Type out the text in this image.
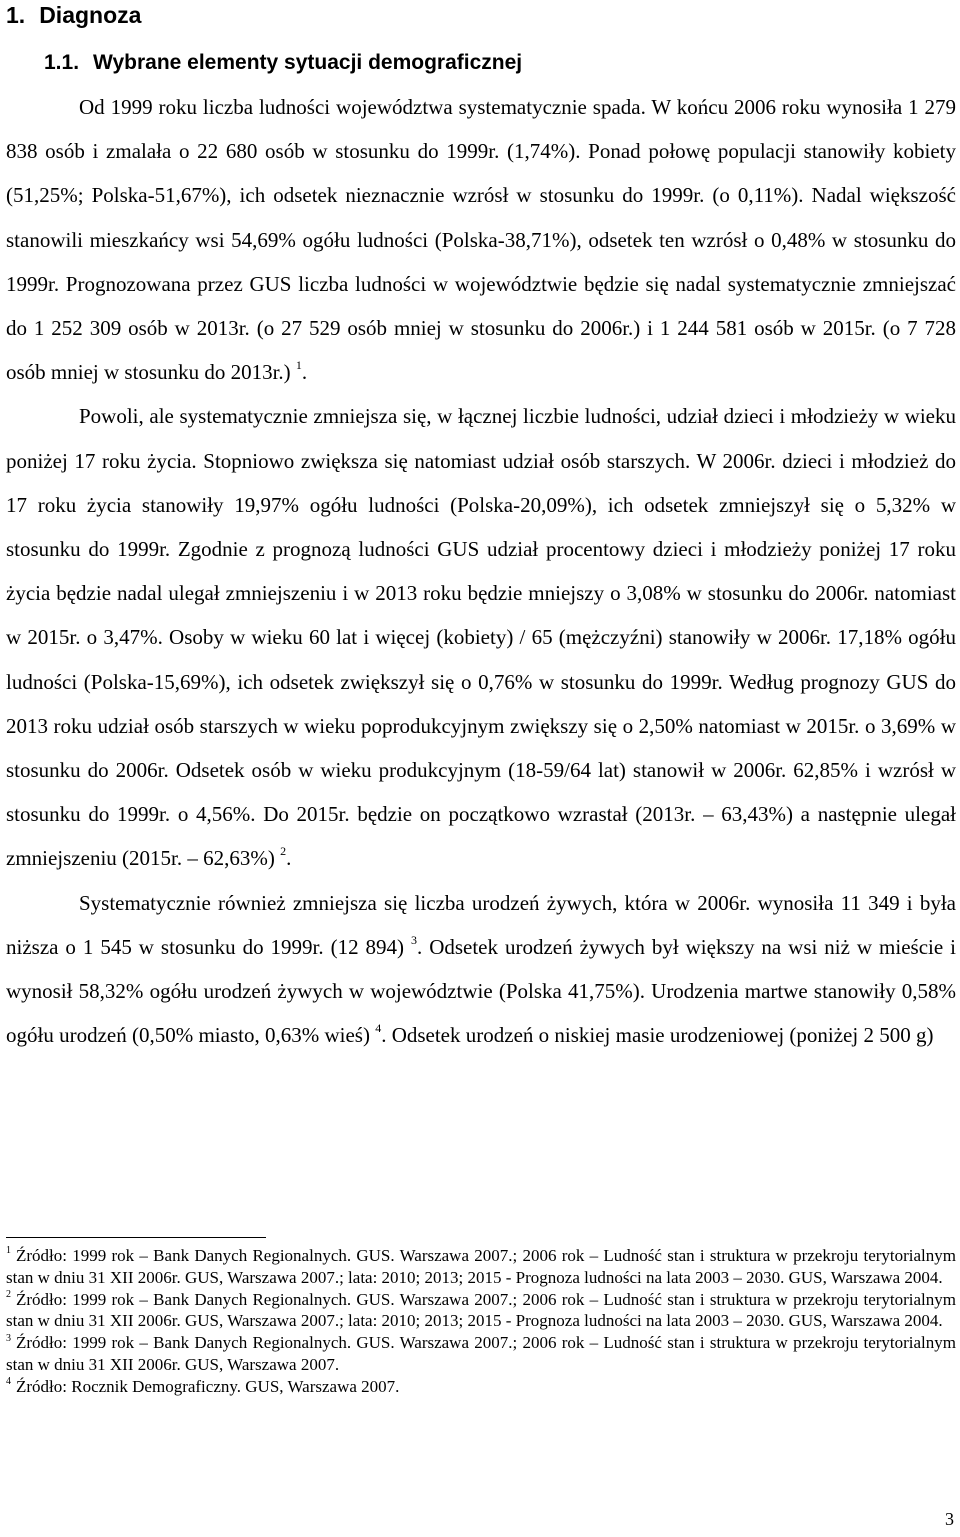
1. Diagnoza
1.1. Wybrane elementy sytuacji demograficznej

Od 1999 roku liczba ludności województwa systematycznie spada. W końcu 2006 roku wynosiła 1 279 838 osób i zmalała o 22 680 osób w stosunku do 1999r. (1,74%). Ponad połowę populacji stanowiły kobiety (51,25%; Polska-51,67%), ich odsetek nieznacznie wzrósł w stosunku do 1999r. (o 0,11%). Nadal większość stanowili mieszkańcy wsi 54,69% ogółu ludności (Polska-38,71%), odsetek ten wzrósł o 0,48% w stosunku do 1999r. Prognozowana przez GUS liczba ludności w województwie będzie się nadal systematycznie zmniejszać do 1 252 309 osób w 2013r. (o 27 529 osób mniej w stosunku do 2006r.) i 1 244 581 osób w 2015r. (o 7 728 osób mniej w stosunku do 2013r.) $^1$.

Powoli, ale systematycznie zmniejsza się, w łącznej liczbie ludności, udział dzieci i młodzieży w wieku poniżej 17 roku życia. Stopniowo zwiększa się natomiast udział osób starszych. W 2006r. dzieci i młodzież do 17 roku życia stanowiły 19,97% ogółu ludności (Polska-20,09%), ich odsetek zmniejszył się o 5,32% w stosunku do 1999r. Zgodnie z prognozą ludności GUS udział procentowy dzieci i młodzieży poniżej 17 roku życia będzie nadal ulegał zmniejszeniu i w 2013 roku będzie mniejszy o 3,08% w stosunku do 2006r. natomiast w 2015r. o 3,47%. Osoby w wieku 60 lat i więcej (kobiety) / 65 (mężczyźni) stanowiły w 2006r. 17,18% ogółu ludności (Polska-15,69%), ich odsetek zwiększył się o 0,76% w stosunku do 1999r. Według prognozy GUS do 2013 roku udział osób starszych w wieku poprodukcyjnym zwiększy się o 2,50% natomiast w 2015r. o 3,69% w stosunku do 2006r. Odsetek osób w wieku produkcyjnym (18-59/64 lat) stanowił w 2006r. 62,85% i wzrósł w stosunku do 1999r. o 4,56%. Do 2015r. będzie on początkowo wzrastał (2013r. – 63,43%) a następnie ulegał zmniejszeniu (2015r. – 62,63%) $^2$.

Systematycznie również zmniejsza się liczba urodzeń żywych, która w 2006r. wynosiła 11 349 i była niższa o 1 545 w stosunku do 1999r. (12 894) $^3$. Odsetek urodzeń żywych był większy na wsi niż w mieście i wynosił 58,32% ogółu urodzeń żywych w województwie (Polska 41,75%). Urodzenia martwe stanowiły 0,58% ogółu urodzeń (0,50% miasto, 0,63% wieś) $^4$. Odsetek urodzeń o niskiej masie urodzeniowej (poniżej 2 500 g)

$^1$ Źródło: 1999 rok – Bank Danych Regionalnych. GUS. Warszawa 2007.; 2006 rok – Ludność stan i struktura w przekroju terytorialnym stan w dniu 31 XII 2006r. GUS, Warszawa 2007.; lata: 2010; 2013; 2015 - Prognoza ludności na lata 2003 – 2030. GUS, Warszawa 2004.

$^2$ Źródło: 1999 rok – Bank Danych Regionalnych. GUS. Warszawa 2007.; 2006 rok – Ludność stan i struktura w przekroju terytorialnym stan w dniu 31 XII 2006r. GUS, Warszawa 2007.; lata: 2010; 2013; 2015 - Prognoza ludności na lata 2003 – 2030. GUS, Warszawa 2004.

$^3$ Źródło: 1999 rok – Bank Danych Regionalnych. GUS. Warszawa 2007.; 2006 rok – Ludność stan i struktura w przekroju terytorialnym stan w dniu 31 XII 2006r. GUS, Warszawa 2007.

$^4$ Źródło: Rocznik Demograficzny. GUS, Warszawa 2007.

3
